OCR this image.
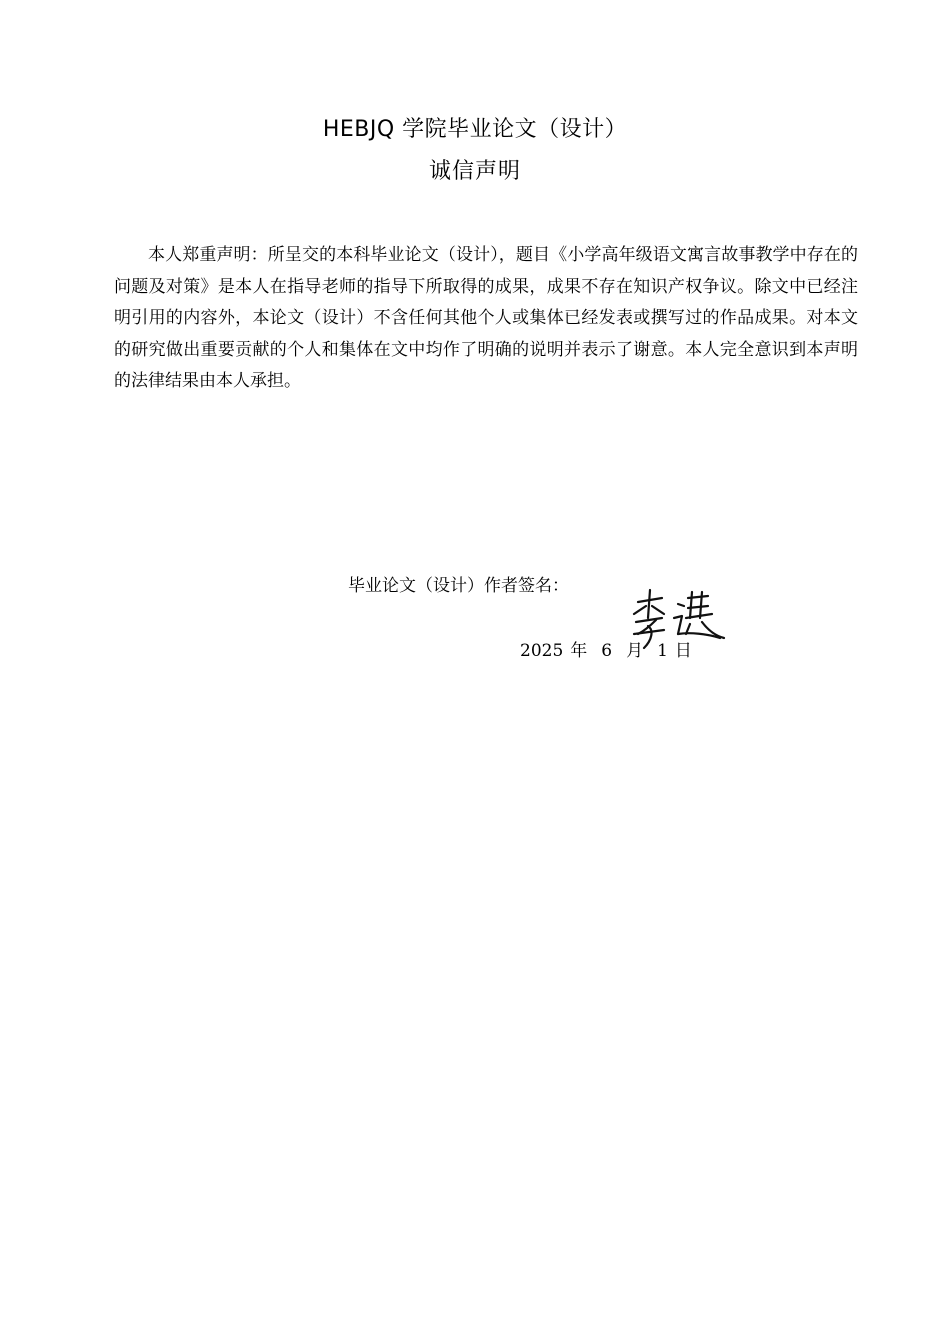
HEBJQ 学院毕业论文（设计）
诚信声明

本人郑重声明：所呈交的本科毕业论文（设计），题目《小学高年级语文寓言故事教学中存在的问题及对策》是本人在指导老师的指导下所取得的成果，成果不存在知识产权争议。除文中已经注明引用的内容外，本论文（设计）不含任何其他个人或集体已经发表或撰写过的作品成果。对本文的研究做出重要贡献的个人和集体在文中均作了明确的说明并表示了谢意。本人完全意识到本声明的法律结果由本人承担。

毕业论文（设计）作者签名：
2025 年 6 月 1 日
